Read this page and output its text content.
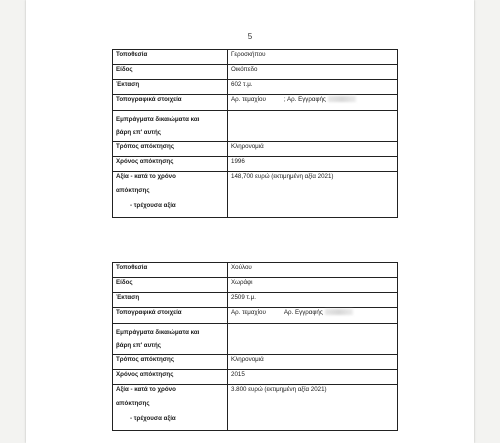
5
Τοποθεσία	Γεροσκήπου
Είδος	Οικόπεδο
Έκταση	602 τ.μ.
Τοπογραφικά στοιχεία	Αρ. τεμαχίου ; Αρ. Εγγραφής

Εμπράγματα δικαιώματα και
βάρη επ' αυτής	

Τρόπος απόκτησης	Κληρονομιά
Χρόνος απόκτησης	1996

Αξία - κατά το χρόνο
απόκτησης
- τρέχουσα αξία	148,700 ευρώ (εκτιμημένη αξία 2021)
Τοποθεσία	Χούλου
Είδος	Χωράφι
Έκταση	2509 τ.μ.
Τοπογραφικά στοιχεία	Αρ. τεμαχίου Αρ. Εγγραφής

Εμπράγματα δικαιώματα και
βάρη επ' αυτής	

Τρόπος απόκτησης	Κληρονομιά
Χρόνος απόκτησης	2015

Αξία - κατά το χρόνο
απόκτησης
- τρέχουσα αξία	3.800 ευρώ (εκτιμημένη αξία 2021)
